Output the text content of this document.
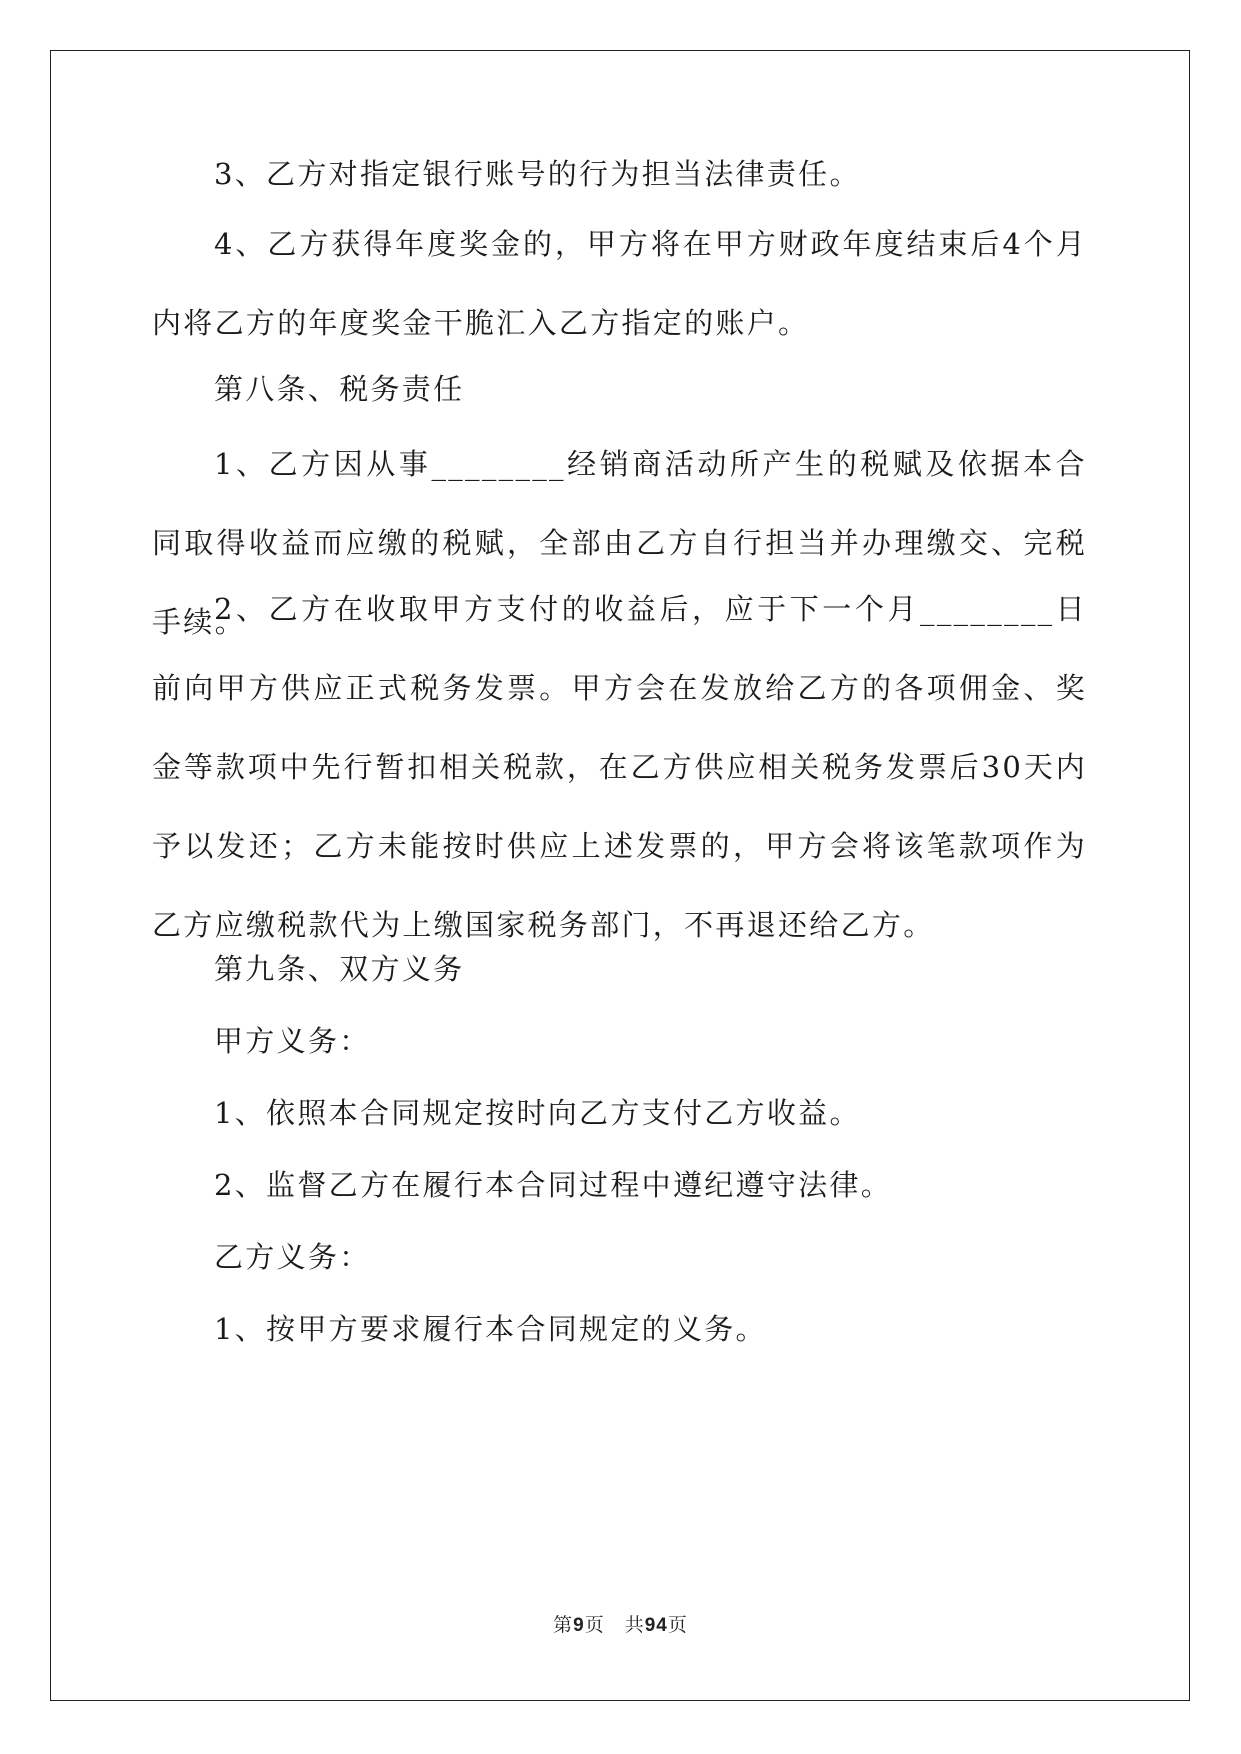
3、乙方对指定银行账号的行为担当法律责任。

4、乙方获得年度奖金的，甲方将在甲方财政年度结束后4个月内将乙方的年度奖金干脆汇入乙方指定的账户。

第八条、税务责任

1、乙方因从事________经销商活动所产生的税赋及依据本合同取得收益而应缴的税赋，全部由乙方自行担当并办理缴交、完税手续。

2、乙方在收取甲方支付的收益后，应于下一个月________日前向甲方供应正式税务发票。甲方会在发放给乙方的各项佣金、奖金等款项中先行暂扣相关税款，在乙方供应相关税务发票后30天内予以发还；乙方未能按时供应上述发票的，甲方会将该笔款项作为乙方应缴税款代为上缴国家税务部门，不再退还给乙方。

第九条、双方义务

甲方义务：

1、依照本合同规定按时向乙方支付乙方收益。

2、监督乙方在履行本合同过程中遵纪遵守法律。

乙方义务：

1、按甲方要求履行本合同规定的义务。

第9页 共94页
